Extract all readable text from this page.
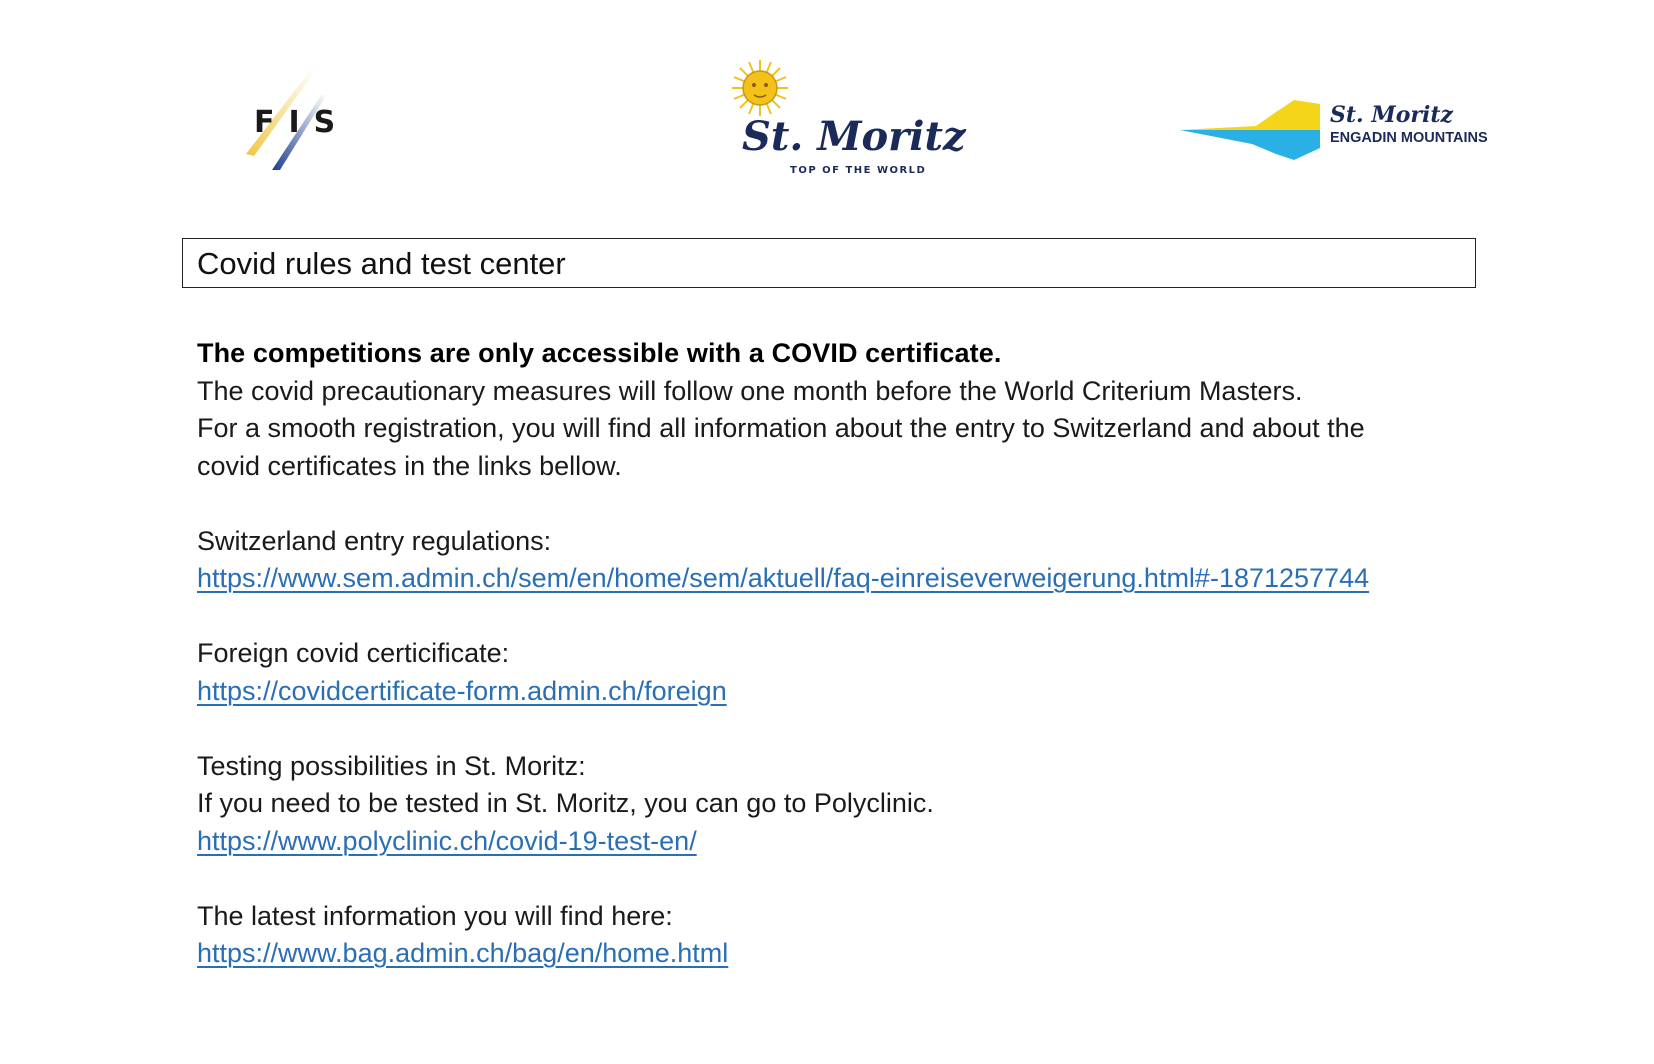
FIS	St. Moritz
TOP OF THE WORLD
St. Moritz
ENGADIN MOUNTAINS
Covid rules and test center

The competitions are only accessible with a COVID certificate.

The covid precautionary measures will follow one month before the World Criterium Masters.

For a smooth registration, you will find all information about the entry to Switzerland and about the

covid certificates in the links bellow.

Switzerland entry regulations:

https://www.sem.admin.ch/sem/en/home/sem/aktuell/faq-einreiseverweigerung.html#-1871257744

Foreign covid certicificate:

https://covidcertificate-form.admin.ch/foreign

Testing possibilities in St. Moritz:

If you need to be tested in St. Moritz, you can go to Polyclinic.

https://www.polyclinic.ch/covid-19-test-en/

The latest information you will find here:

https://www.bag.admin.ch/bag/en/home.html
